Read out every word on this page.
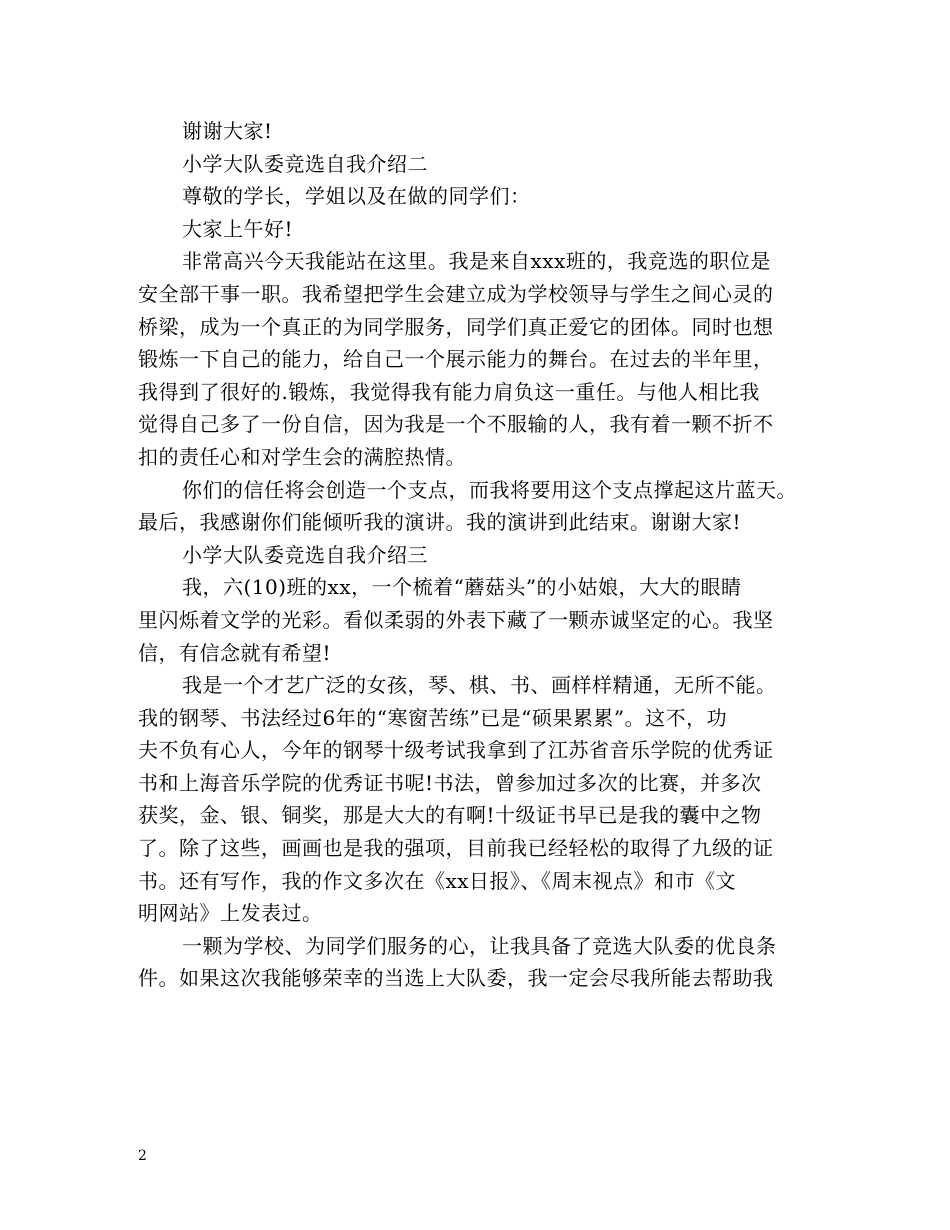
谢谢大家!
小学大队委竞选自我介绍二
尊敬的学长，学姐以及在做的同学们：
大家上午好!
非常高兴今天我能站在这里。我是来自xxx班的，我竞选的职位是
安全部干事一职。我希望把学生会建立成为学校领导与学生之间心灵的
桥梁，成为一个真正的为同学服务，同学们真正爱它的团体。同时也想
锻炼一下自己的能力，给自己一个展示能力的舞台。在过去的半年里，
我得到了很好的.锻炼，我觉得我有能力肩负这一重任。与他人相比我
觉得自己多了一份自信，因为我是一个不服输的人，我有着一颗不折不
扣的责任心和对学生会的满腔热情。
你们的信任将会创造一个支点，而我将要用这个支点撑起这片蓝天。
最后，我感谢你们能倾听我的演讲。我的演讲到此结束。谢谢大家!
小学大队委竞选自我介绍三
我，六(10)班的xx，一个梳着“蘑菇头”的小姑娘，大大的眼睛
里闪烁着文学的光彩。看似柔弱的外表下藏了一颗赤诚坚定的心。我坚
信，有信念就有希望!
我是一个才艺广泛的女孩，琴、棋、书、画样样精通，无所不能。
我的钢琴、书法经过6年的“寒窗苦练”已是“硕果累累”。这不，功
夫不负有心人，今年的钢琴十级考试我拿到了江苏省音乐学院的优秀证
书和上海音乐学院的优秀证书呢!书法，曾参加过多次的比赛，并多次
获奖，金、银、铜奖，那是大大的有啊!十级证书早已是我的囊中之物
了。除了这些，画画也是我的强项，目前我已经轻松的取得了九级的证
书。还有写作，我的作文多次在《xx日报》、《周末视点》和市《文
明网站》上发表过。
一颗为学校、为同学们服务的心，让我具备了竞选大队委的优良条
件。如果这次我能够荣幸的当选上大队委，我一定会尽我所能去帮助我
2
